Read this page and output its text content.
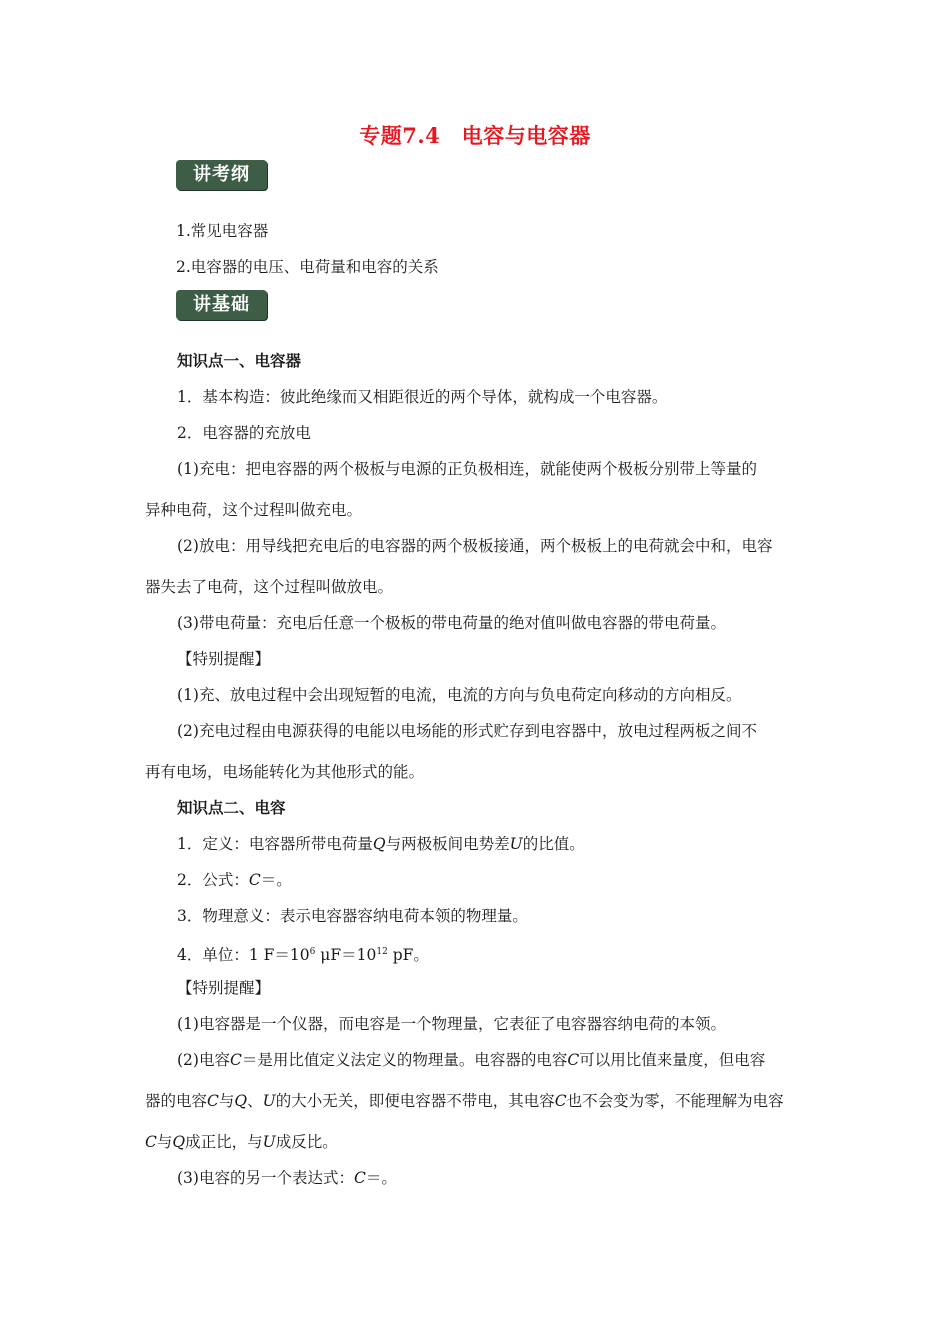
专题7.4　电容与电容器
讲考纲
1.常见电容器
2.电容器的电压、电荷量和电容的关系
讲基础
知识点一、电容器
1．基本构造：彼此绝缘而又相距很近的两个导体，就构成一个电容器。
2．电容器的充放电
(1)充电：把电容器的两个极板与电源的正负极相连，就能使两个极板分别带上等量的
异种电荷，这个过程叫做充电。
(2)放电：用导线把充电后的电容器的两个极板接通，两个极板上的电荷就会中和，电容
器失去了电荷，这个过程叫做放电。
(3)带电荷量：充电后任意一个极板的带电荷量的绝对值叫做电容器的带电荷量。
【特别提醒】
(1)充、放电过程中会出现短暂的电流，电流的方向与负电荷定向移动的方向相反。
(2)充电过程由电源获得的电能以电场能的形式贮存到电容器中，放电过程两板之间不
再有电场，电场能转化为其他形式的能。
知识点二、电容
1．定义：电容器所带电荷量Q与两极板间电势差U的比值。
2．公式：C＝。
3．物理意义：表示电容器容纳电荷本领的物理量。
4．单位：1 $F=10^6$ $\mu F=10^{12}$ pF。
【特别提醒】
(1)电容器是一个仪器，而电容是一个物理量，它表征了电容器容纳电荷的本领。
(2)电容C＝是用比值定义法定义的物理量。电容器的电容C可以用比值来量度，但电容
器的电容C与Q、U的大小无关，即便电容器不带电，其电容C也不会变为零，不能理解为电容
C与Q成正比，与U成反比。
(3)电容的另一个表达式：C＝。
